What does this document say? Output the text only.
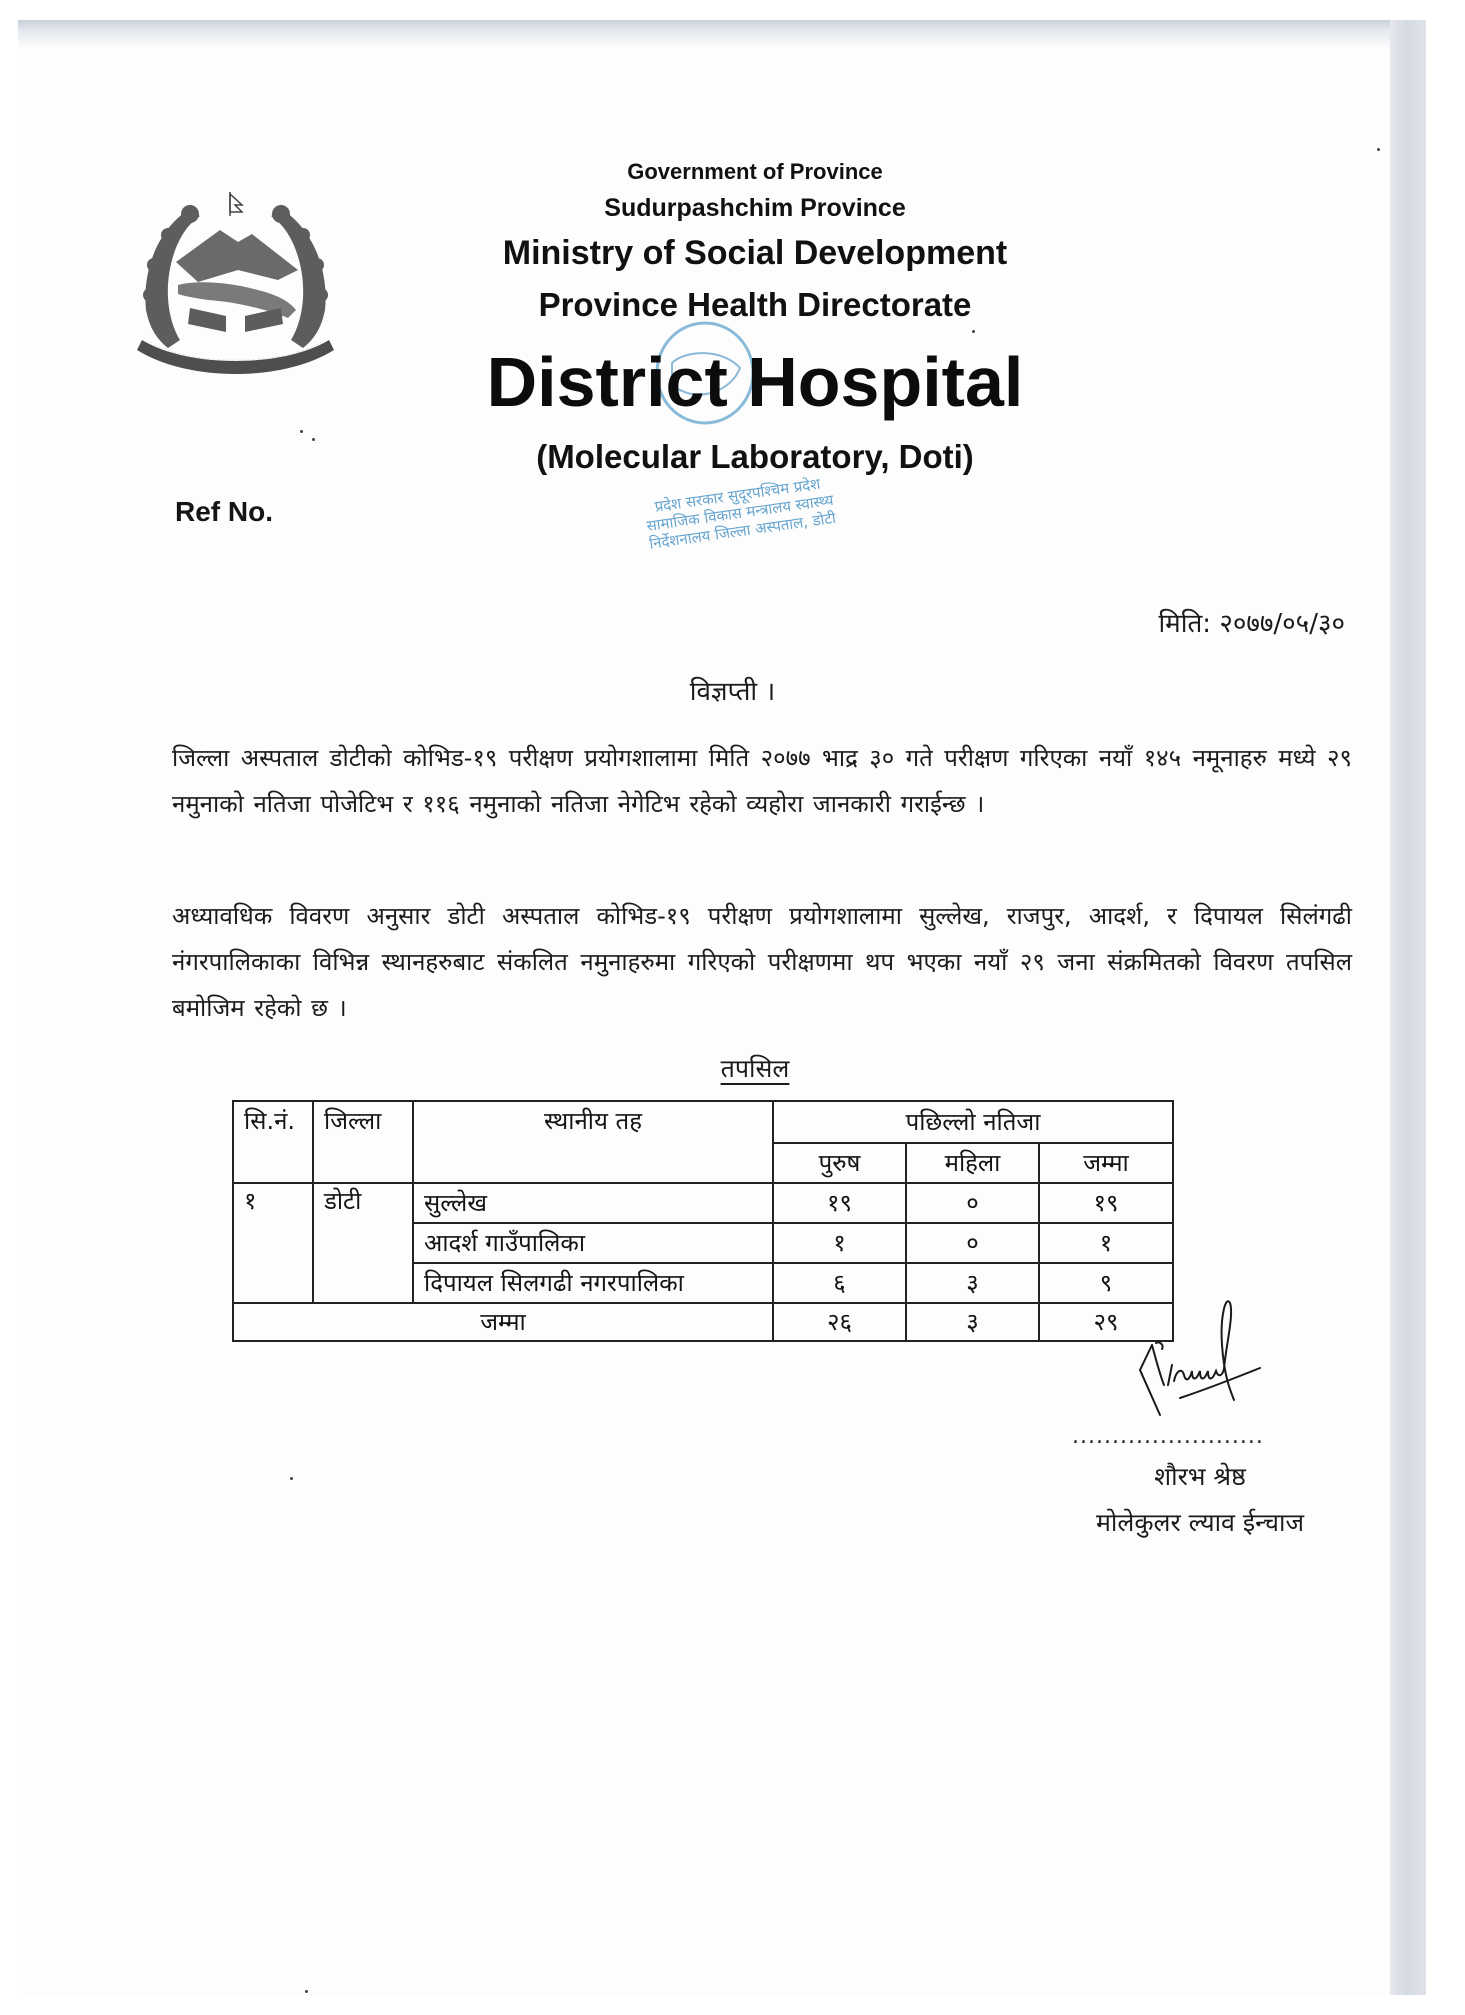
Government of Province
Sudurpashchim Province
Ministry of Social Development
Province Health Directorate
District Hospital
(Molecular Laboratory, Doti)
प्रदेश सरकार सुदूरपश्चिम प्रदेश सामाजिक विकास मन्त्रालय स्वास्थ्य निर्देशनालय जिल्ला अस्पताल, डोटी
Ref No.
मिति: २०७७/०५/३०
विज्ञप्ती ।

जिल्ला अस्पताल डोटीको कोभिड-१९ परीक्षण प्रयोगशालामा मिति २०७७ भाद्र ३० गते परीक्षण गरिएका नयाँ १४५ नमूनाहरु मध्ये २९ नमुनाको नतिजा पोजेटिभ र ११६ नमुनाको नतिजा नेगेटिभ रहेको व्यहोरा जानकारी गराईन्छ ।

अध्यावधिक विवरण अनुसार डोटी अस्पताल कोभिड-१९ परीक्षण प्रयोगशालामा सुल्लेख, राजपुर, आदर्श, र दिपायल सिलंगढी नंगरपालिकाका विभिन्न स्थानहरुबाट संकलित नमुनाहरुमा गरिएको परीक्षणमा थप भएका नयाँ २९ जना संक्रमितको विवरण तपसिल बमोजिम रहेको छ ।

तपसिल
सि.नं.	जिल्ला	स्थानीय तह	पछिल्लो नतिजा		
			पुरुष	महिला	जम्मा
१	डोटी	सुल्लेख	१९	०	१९
		आदर्श गाउँपालिका	१	०	१
		दिपायल सिलगढी नगरपालिका	६	३	९
जम्मा			२६	३	२९
........................
शौरभ श्रेष्ठ
मोलेकुलर ल्याव ईन्चाज
